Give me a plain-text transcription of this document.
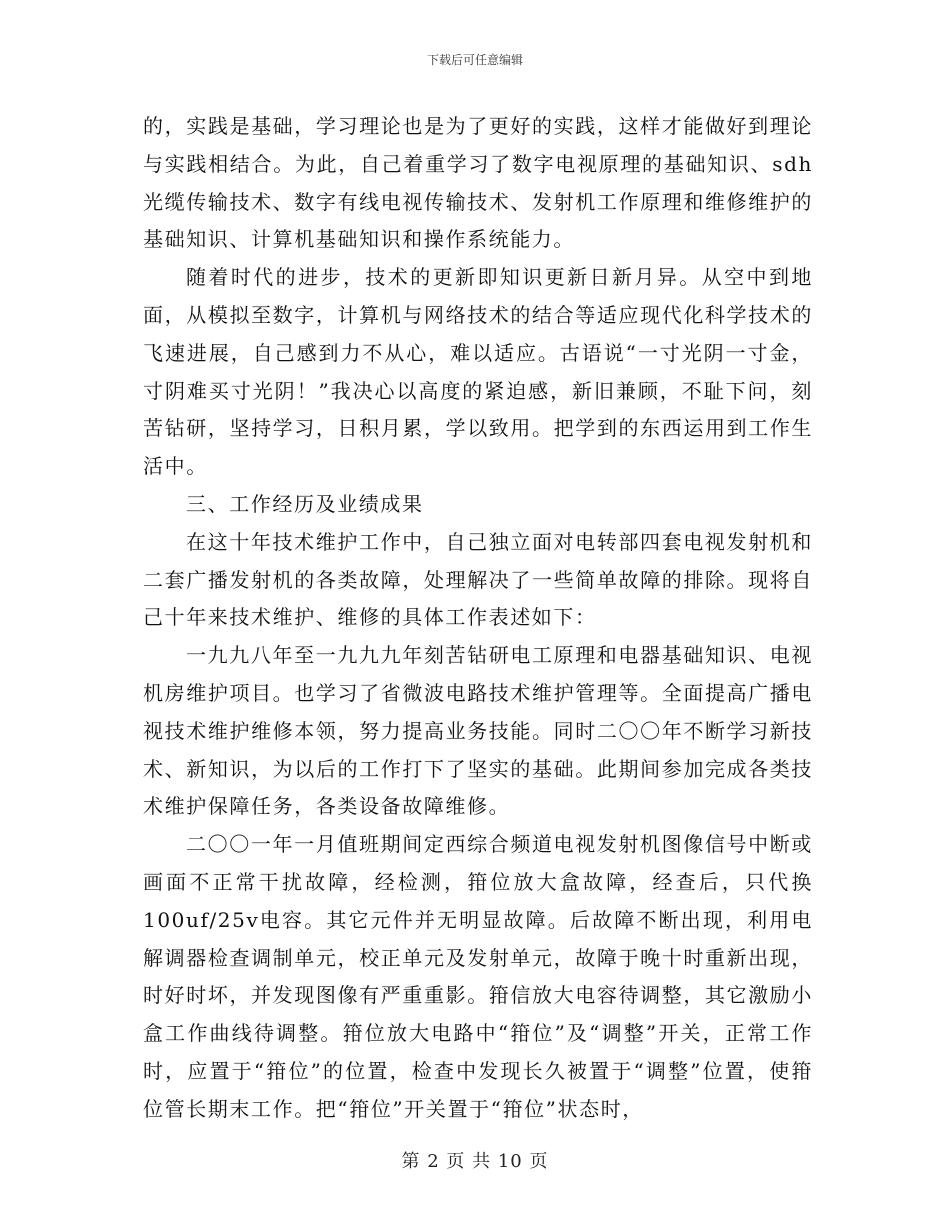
下载后可任意编辑

的，实践是基础，学习理论也是为了更好的实践，这样才能做好到理论与实践相结合。为此，自己着重学习了数字电视原理的基础知识、sdh光缆传输技术、数字有线电视传输技术、发射机工作原理和维修维护的基础知识、计算机基础知识和操作系统能力。

随着时代的进步，技术的更新即知识更新日新月异。从空中到地面，从模拟至数字，计算机与网络技术的结合等适应现代化科学技术的飞速进展，自己感到力不从心，难以适应。古语说“一寸光阴一寸金，寸阴难买寸光阴！”我决心以高度的紧迫感，新旧兼顾，不耻下问，刻苦钻研，坚持学习，日积月累，学以致用。把学到的东西运用到工作生活中。

三、工作经历及业绩成果

在这十年技术维护工作中，自己独立面对电转部四套电视发射机和二套广播发射机的各类故障，处理解决了一些简单故障的排除。现将自己十年来技术维护、维修的具体工作表述如下：

一九九八年至一九九九年刻苦钻研电工原理和电器基础知识、电视机房维护项目。也学习了省微波电路技术维护管理等。全面提高广播电视技术维护维修本领，努力提高业务技能。同时二〇〇年不断学习新技术、新知识，为以后的工作打下了坚实的基础。此期间参加完成各类技术维护保障任务，各类设备故障维修。

二〇〇一年一月值班期间定西综合频道电视发射机图像信号中断或画面不正常干扰故障，经检测，箝位放大盒故障，经查后，只代换100uf/25v电容。其它元件并无明显故障。后故障不断出现，利用电解调器检查调制单元，校正单元及发射单元，故障于晚十时重新出现，时好时坏，并发现图像有严重重影。箝信放大电容待调整，其它激励小盒工作曲线待调整。箝位放大电路中“箝位”及“调整”开关，正常工作时，应置于“箝位”的位置，检查中发现长久被置于“调整”位置，使箝位管长期末工作。把“箝位”开关置于“箝位”状态时，

第 2 页 共 10 页
